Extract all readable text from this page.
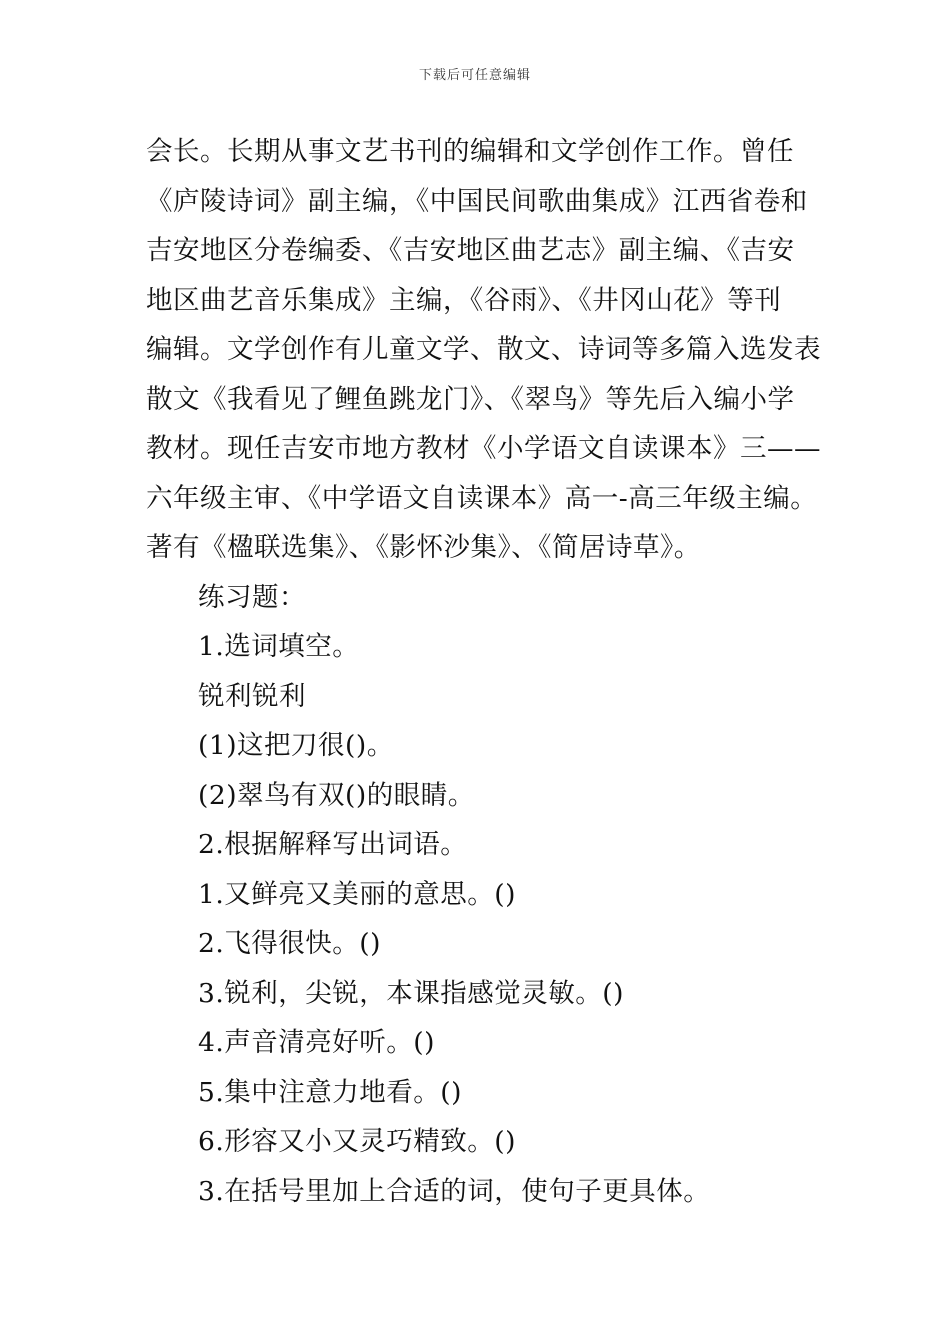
下载后可任意编辑
会长。长期从事文艺书刊的编辑和文学创作工作。曾任
《庐陵诗词》副主编，《中国民间歌曲集成》江西省卷和
吉安地区分卷编委、《吉安地区曲艺志》副主编、《吉安
地区曲艺音乐集成》主编，《谷雨》、《井冈山花》等刊
编辑。文学创作有儿童文学、散文、诗词等多篇入选发表
散文《我看见了鲤鱼跳龙门》、《翠鸟》等先后入编小学
教材。现任吉安市地方教材《小学语文自读课本》三——
六年级主审、《中学语文自读课本》高一-高三年级主编。
著有《楹联选集》、《影怀沙集》、《简居诗草》。
练习题：
1.选词填空。
锐利锐利
(1)这把刀很()。
(2)翠鸟有双()的眼睛。
2.根据解释写出词语。
1.又鲜亮又美丽的意思。()
2.飞得很快。()
3.锐利，尖锐，本课指感觉灵敏。()
4.声音清亮好听。()
5.集中注意力地看。()
6.形容又小又灵巧精致。()
3.在括号里加上合适的词，使句子更具体。
